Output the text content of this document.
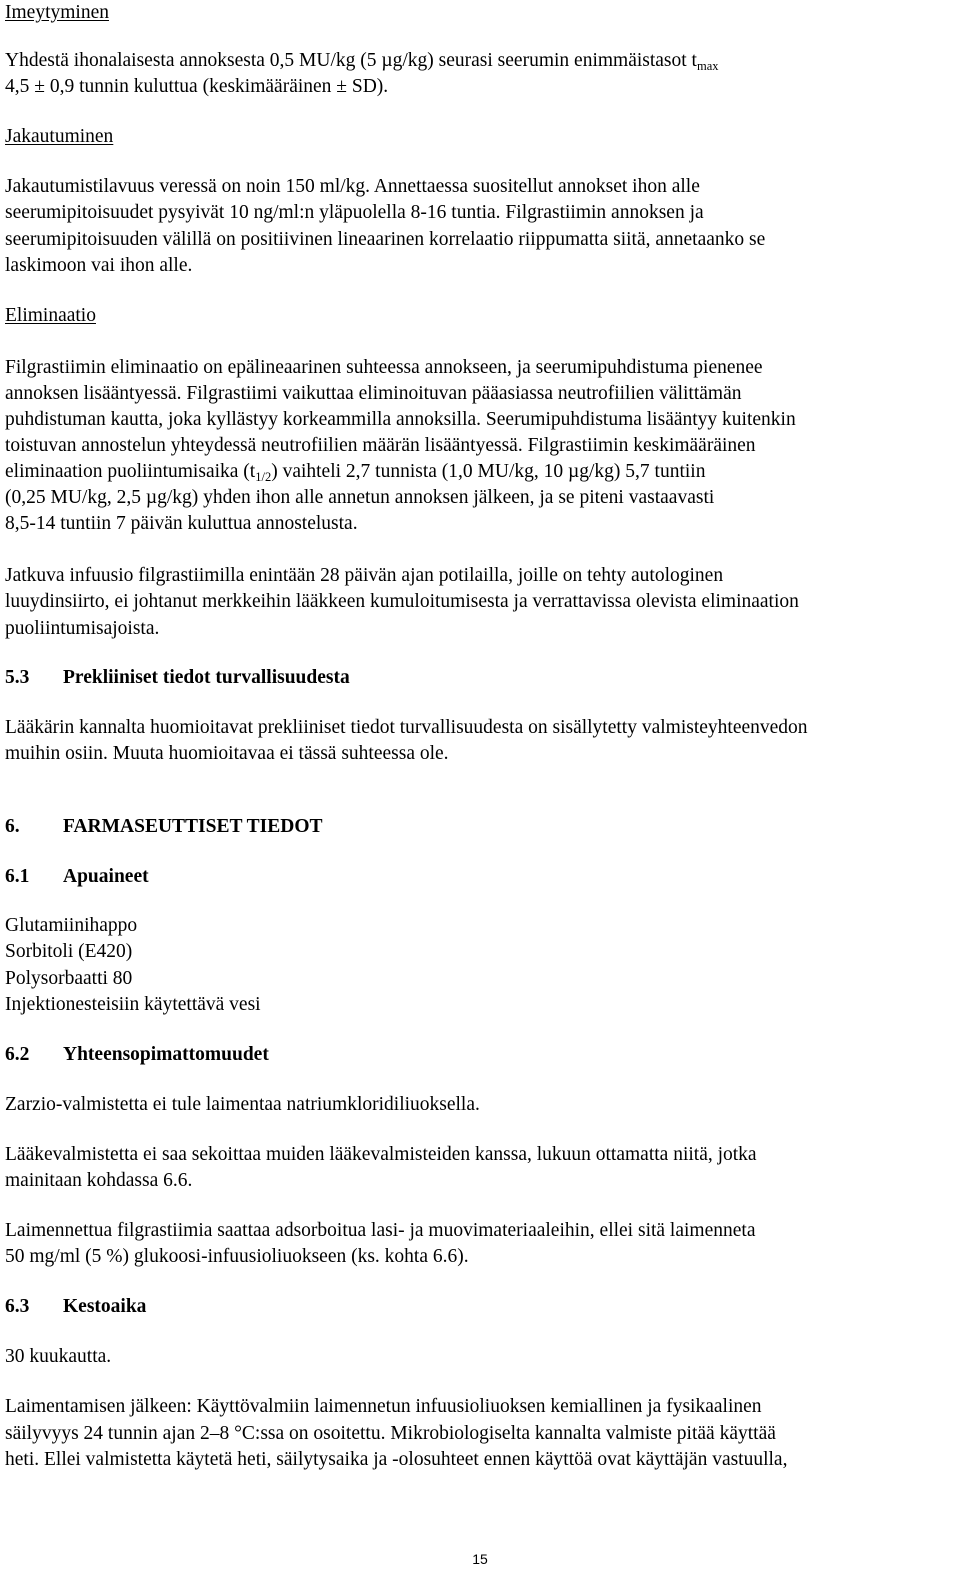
Imeytyminen
Yhdestä ihonalaisesta annoksesta 0,5 MU/kg (5 µg/kg) seurasi seerumin enimmäistasot $t_{max}$
4,5 ± 0,9 tunnin kuluttua (keskimääräinen ± SD).
Jakautuminen
Jakautumistilavuus veressä on noin 150 ml/kg. Annettaessa suositellut annokset ihon alle
seerumipitoisuudet pysyivät 10 ng/ml:n yläpuolella 8-16 tuntia. Filgrastiimin annoksen ja
seerumipitoisuuden välillä on positiivinen lineaarinen korrelaatio riippumatta siitä, annetaanko se
laskimoon vai ihon alle.
Eliminaatio
Filgrastiimin eliminaatio on epälineaarinen suhteessa annokseen, ja seerumipuhdistuma pienenee
annoksen lisääntyessä. Filgrastiimi vaikuttaa eliminoituvan pääasiassa neutrofiilien välittämän
puhdistuman kautta, joka kyllästyy korkeammilla annoksilla. Seerumipuhdistuma lisääntyy kuitenkin
toistuvan annostelun yhteydessä neutrofiilien määrän lisääntyessä. Filgrastiimin keskimääräinen
eliminaation puoliintumisaika $(t_{1/2})$ vaihteli 2,7 tunnista (1,0 MU/kg, 10 µg/kg) 5,7 tuntiin
(0,25 MU/kg, 2,5 µg/kg) yhden ihon alle annetun annoksen jälkeen, ja se piteni vastaavasti
8,5-14 tuntiin 7 päivän kuluttua annostelusta.
Jatkuva infuusio filgrastiimilla enintään 28 päivän ajan potilailla, joille on tehty autologinen
luuydinsiirto, ei johtanut merkkeihin lääkkeen kumuloitumisesta ja verrattavissa olevista eliminaation
puoliintumisajoista.
5.3 Prekliiniset tiedot turvallisuudesta
Lääkärin kannalta huomioitavat prekliiniset tiedot turvallisuudesta on sisällytetty valmisteyhteenvedon
muihin osiin. Muuta huomioitavaa ei tässä suhteessa ole.
6. FARMASEUTTISET TIEDOT
6.1 Apuaineet
Glutamiinihappo
Sorbitoli (E420)
Polysorbaatti 80
Injektionesteisiin käytettävä vesi
6.2 Yhteensopimattomuudet
Zarzio-valmistetta ei tule laimentaa natriumkloridiliuoksella.
Lääkevalmistetta ei saa sekoittaa muiden lääkevalmisteiden kanssa, lukuun ottamatta niitä, jotka
mainitaan kohdassa 6.6.
Laimennettua filgrastiimia saattaa adsorboitua lasi- ja muovimateriaaleihin, ellei sitä laimenneta
50 mg/ml (5 %) glukoosi-infuusioliuokseen (ks. kohta 6.6).
6.3 Kestoaika
30 kuukautta.
Laimentamisen jälkeen: Käyttövalmiin laimennetun infuusioliuoksen kemiallinen ja fysikaalinen
säilyvyys 24 tunnin ajan 2–8 °C:ssa on osoitettu. Mikrobiologiselta kannalta valmiste pitää käyttää
heti. Ellei valmistetta käytetä heti, säilytysaika ja -olosuhteet ennen käyttöä ovat käyttäjän vastuulla,
15
